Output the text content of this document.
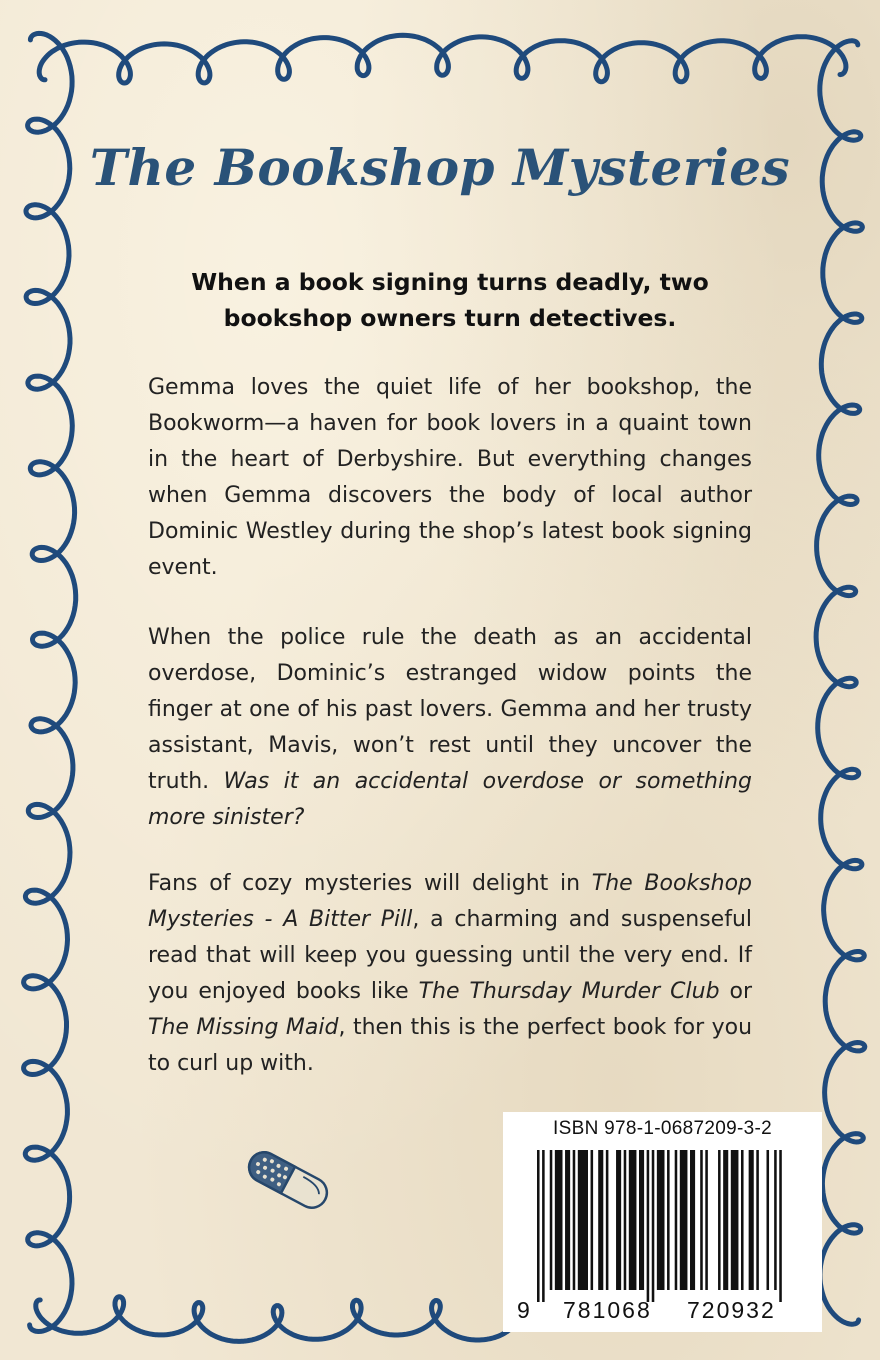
The Bookshop Mysteries
When a book signing turns deadly, two bookshop owners turn detectives.

Gemma loves the quiet life of her bookshop, the Bookworm—a haven for book lovers in a quaint town in the heart of Derbyshire. But everything changes when Gemma discovers the body of local author Dominic Westley during the shop’s latest book signing event.

When the police rule the death as an accidental overdose, Dominic’s estranged widow points the finger at one of his past lovers. Gemma and her trusty assistant, Mavis, won’t rest until they uncover the truth. Was it an accidental overdose or something more sinister?

Fans of cozy mysteries will delight in The Bookshop Mysteries - A Bitter Pill, a charming and suspenseful read that will keep you guessing until the very end. If you enjoyed books like The Thursday Murder Club or The Missing Maid, then this is the perfect book for you to curl up with.

ISBN 978-1-0687209-3-2
9 781068 720932
